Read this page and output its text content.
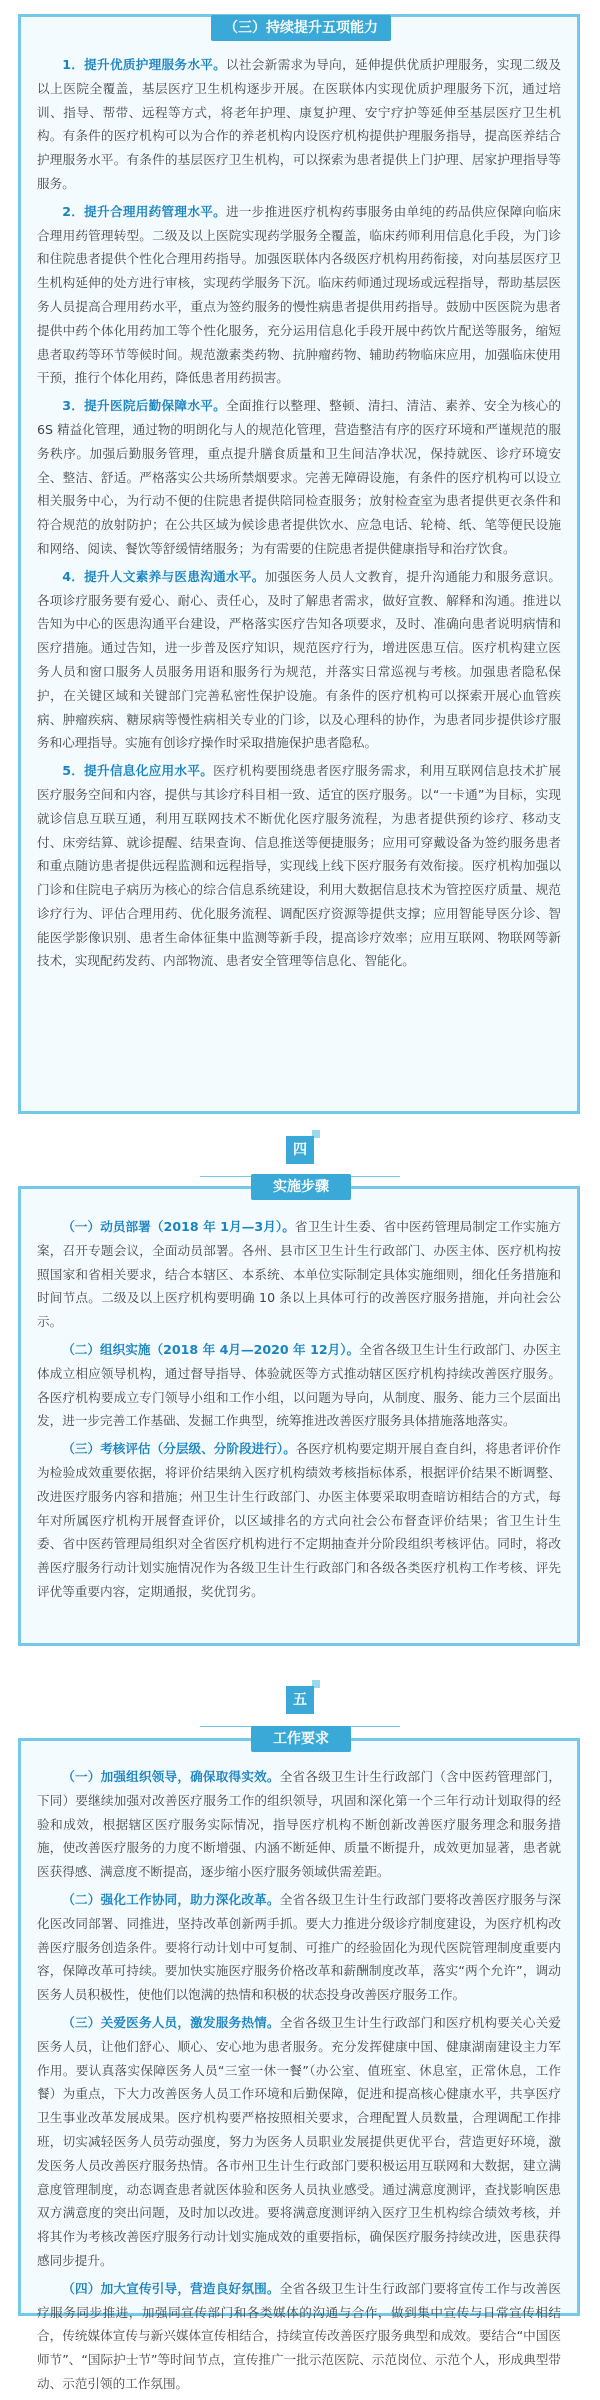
（三）持续提升五项能力

1．提升优质护理服务水平。以社会新需求为导向，延伸提供优质护理服务，实现二级及以上医院全覆盖，基层医疗卫生机构逐步开展。在医联体内实现优质护理服务下沉，通过培训、指导、帮带、远程等方式，将老年护理、康复护理、安宁疗护等延伸至基层医疗卫生机构。有条件的医疗机构可以为合作的养老机构内设医疗机构提供护理服务指导，提高医养结合护理服务水平。有条件的基层医疗卫生机构，可以探索为患者提供上门护理、居家护理指导等服务。

2．提升合理用药管理水平。进一步推进医疗机构药事服务由单纯的药品供应保障向临床合理用药管理转型。二级及以上医院实现药学服务全覆盖，临床药师利用信息化手段，为门诊和住院患者提供个性化合理用药指导。加强医联体内各级医疗机构用药衔接，对向基层医疗卫生机构延伸的处方进行审核，实现药学服务下沉。临床药师通过现场或远程指导，帮助基层医务人员提高合理用药水平，重点为签约服务的慢性病患者提供用药指导。鼓励中医医院为患者提供中药个体化用药加工等个性化服务，充分运用信息化手段开展中药饮片配送等服务，缩短患者取药等环节等候时间。规范激素类药物、抗肿瘤药物、辅助药物临床应用，加强临床使用干预，推行个体化用药，降低患者用药损害。

3．提升医院后勤保障水平。全面推行以整理、整顿、清扫、清洁、素养、安全为核心的 6S 精益化管理，通过物的明朗化与人的规范化管理，营造整洁有序的医疗环境和严谨规范的服务秩序。加强后勤服务管理，重点提升膳食质量和卫生间洁净状况，保持就医、诊疗环境安全、整洁、舒适。严格落实公共场所禁烟要求。完善无障碍设施，有条件的医疗机构可以设立相关服务中心，为行动不便的住院患者提供陪同检查服务；放射检查室为患者提供更衣条件和符合规范的放射防护；在公共区域为候诊患者提供饮水、应急电话、轮椅、纸、笔等便民设施和网络、阅读、餐饮等舒缓情绪服务；为有需要的住院患者提供健康指导和治疗饮食。

4．提升人文素养与医患沟通水平。加强医务人员人文教育，提升沟通能力和服务意识。各项诊疗服务要有爱心、耐心、责任心，及时了解患者需求，做好宣教、解释和沟通。推进以告知为中心的医患沟通平台建设，严格落实医疗告知各项要求，及时、准确向患者说明病情和医疗措施。通过告知，进一步普及医疗知识，规范医疗行为，增进医患互信。医疗机构建立医务人员和窗口服务人员服务用语和服务行为规范，并落实日常巡视与考核。加强患者隐私保护，在关键区域和关键部门完善私密性保护设施。有条件的医疗机构可以探索开展心血管疾病、肿瘤疾病、糖尿病等慢性病相关专业的门诊，以及心理科的协作，为患者同步提供诊疗服务和心理指导。实施有创诊疗操作时采取措施保护患者隐私。

5．提升信息化应用水平。医疗机构要围绕患者医疗服务需求，利用互联网信息技术扩展医疗服务空间和内容，提供与其诊疗科目相一致、适宜的医疗服务。以“一卡通”为目标，实现就诊信息互联互通，利用互联网技术不断优化医疗服务流程，为患者提供预约诊疗、移动支付、床旁结算、就诊提醒、结果查询、信息推送等便捷服务；应用可穿戴设备为签约服务患者和重点随访患者提供远程监测和远程指导，实现线上线下医疗服务有效衔接。医疗机构加强以门诊和住院电子病历为核心的综合信息系统建设，利用大数据信息技术为管控医疗质量、规范诊疗行为、评估合理用药、优化服务流程、调配医疗资源等提供支撑；应用智能导医分诊、智能医学影像识别、患者生命体征集中监测等新手段，提高诊疗效率；应用互联网、物联网等新技术，实现配药发药、内部物流、患者安全管理等信息化、智能化。

四
实施步骤

（一）动员部署（2018 年 1月—3月）。省卫生计生委、省中医药管理局制定工作实施方案，召开专题会议，全面动员部署。各州、县市区卫生计生行政部门、办医主体、医疗机构按照国家和省相关要求，结合本辖区、本系统、本单位实际制定具体实施细则，细化任务措施和时间节点。二级及以上医疗机构要明确 10 条以上具体可行的改善医疗服务措施，并向社会公示。

（二）组织实施（2018 年 4月—2020 年 12月）。全省各级卫生计生行政部门、办医主体成立相应领导机构，通过督导指导、体验就医等方式推动辖区医疗机构持续改善医疗服务。各医疗机构要成立专门领导小组和工作小组，以问题为导向，从制度、服务、能力三个层面出发，进一步完善工作基础、发掘工作典型，统筹推进改善医疗服务具体措施落地落实。

（三）考核评估（分层级、分阶段进行）。各医疗机构要定期开展自查自纠，将患者评价作为检验成效重要依据，将评价结果纳入医疗机构绩效考核指标体系，根据评价结果不断调整、改进医疗服务内容和措施；州卫生计生行政部门、办医主体要采取明查暗访相结合的方式，每年对所属医疗机构开展督查评价，以区域排名的方式向社会公布督查评价结果；省卫生计生委、省中医药管理局组织对全省医疗机构进行不定期抽查并分阶段组织考核评估。同时，将改善医疗服务行动计划实施情况作为各级卫生计生行政部门和各级各类医疗机构工作考核、评先评优等重要内容，定期通报，奖优罚劣。

五
工作要求

（一）加强组织领导，确保取得实效。全省各级卫生计生行政部门（含中医药管理部门，下同）要继续加强对改善医疗服务工作的组织领导，巩固和深化第一个三年行动计划取得的经验和成效，根据辖区医疗服务实际情况，指导医疗机构不断创新改善医疗服务理念和服务措施，使改善医疗服务的力度不断增强、内涵不断延伸、质量不断提升，成效更加显著，患者就医获得感、满意度不断提高，逐步缩小医疗服务领域供需差距。

（二）强化工作协同，助力深化改革。全省各级卫生计生行政部门要将改善医疗服务与深化医改同部署、同推进，坚持改革创新两手抓。要大力推进分级诊疗制度建设，为医疗机构改善医疗服务创造条件。要将行动计划中可复制、可推广的经验固化为现代医院管理制度重要内容，保障改革可持续。要加快实施医疗服务价格改革和薪酬制度改革，落实“两个允许”，调动医务人员积极性，使他们以饱满的热情和积极的状态投身改善医疗服务工作。

（三）关爱医务人员，激发服务热情。全省各级卫生计生行政部门和医疗机构要关心关爱医务人员，让他们舒心、顺心、安心地为患者服务。充分发挥健康中国、健康湖南建设主力军作用。要认真落实保障医务人员“三室一休一餐”（办公室、值班室、休息室，正常休息，工作餐）为重点，下大力改善医务人员工作环境和后勤保障，促进和提高核心健康水平，共享医疗卫生事业改革发展成果。医疗机构要严格按照相关要求，合理配置人员数量，合理调配工作排班，切实减轻医务人员劳动强度，努力为医务人员职业发展提供更优平台，营造更好环境，激发医务人员改善医疗服务热情。各市州卫生计生行政部门要积极运用互联网和大数据，建立满意度管理制度，动态调查患者就医体验和医务人员执业感受。通过满意度测评，查找影响医患双方满意度的突出问题，及时加以改进。要将满意度测评纳入医疗卫生机构综合绩效考核，并将其作为考核改善医疗服务行动计划实施成效的重要指标，确保医疗服务持续改进，医患获得感同步提升。

（四）加大宣传引导，营造良好氛围。全省各级卫生计生行政部门要将宣传工作与改善医疗服务同步推进，加强同宣传部门和各类媒体的沟通与合作，做到集中宣传与日常宣传相结合，传统媒体宣传与新兴媒体宣传相结合，持续宣传改善医疗服务典型和成效。要结合“中国医师节”、“国际护士节”等时间节点，宣传推广一批示范医院、示范岗位、示范个人，形成典型带动、示范引领的工作氛围。
